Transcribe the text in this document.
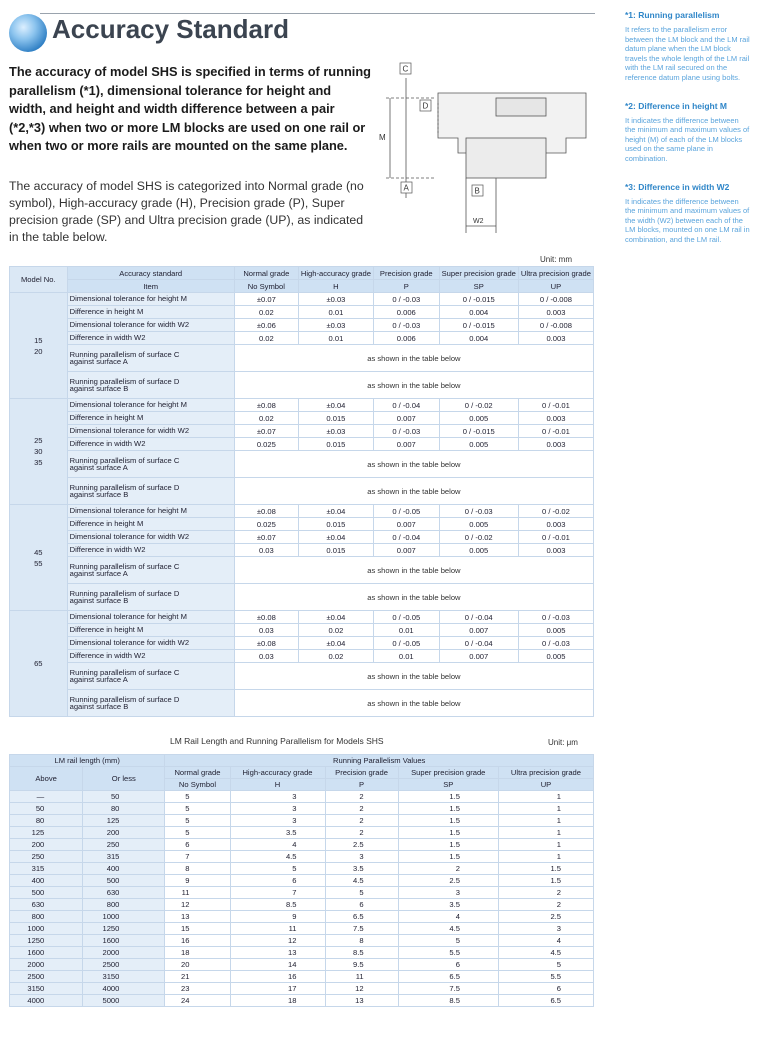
Accuracy Standard

The accuracy of model SHS is specified in terms of running parallelism (*1), dimensional tolerance for height and width, and height and width difference between a pair (*2,*3) when two or more LM blocks are used on one rail or when two or more rails are mounted on the same plane.

The accuracy of model SHS is categorized into Normal grade (no symbol), High-accuracy grade (H), Precision grade (P), Super precision grade (SP) and Ultra precision grade (UP), as indicated in the table below.

C
D
M
A	B
W2
*1: Running parallelism
It refers to the parallelism error between the LM block and the LM rail datum plane when the LM block travels the whole length of the LM rail with the LM rail secured on the reference datum plane using bolts.
*2: Difference in height M
It indicates the difference between the minimum and maximum values of height (M) of each of the LM blocks used on the same plane in combination.
*3: Difference in width W2
It indicates the difference between the minimum and maximum values of the width (W2) between each of the LM blocks, mounted on one LM rail in combination, and the LM rail.
Unit: mm
Model No.	Accuracy standard	Normal grade	High-accuracy grade	Precision grade	Super precision grade	Ultra precision grade
	Item	No Symbol	H	P	SP	UP
15
20	Dimensional tolerance for height M	±0.07	±0.03	0 / -0.03	0 / -0.015	0 / -0.008
	Difference in height M	0.02	0.01	0.006	0.004	0.003
	Dimensional tolerance for width W2	±0.06	±0.03	0 / -0.03	0 / -0.015	0 / -0.008
	Difference in width W2	0.02	0.01	0.006	0.004	0.003

	Running parallelism of surface C
against surface A	as shown in the table below				

	Running parallelism of surface D
against surface B	as shown in the table below				
25
30
35	Dimensional tolerance for height M	±0.08	±0.04	0 / -0.04	0 / -0.02	0 / -0.01
	Difference in height M	0.02	0.015	0.007	0.005	0.003
	Dimensional tolerance for width W2	±0.07	±0.03	0 / -0.03	0 / -0.015	0 / -0.01
	Difference in width W2	0.025	0.015	0.007	0.005	0.003

	Running parallelism of surface C
against surface A	as shown in the table below				

	Running parallelism of surface D
against surface B	as shown in the table below				
45
55	Dimensional tolerance for height M	±0.08	±0.04	0 / -0.05	0 / -0.03	0 / -0.02
	Difference in height M	0.025	0.015	0.007	0.005	0.003
	Dimensional tolerance for width W2	±0.07	±0.04	0 / -0.04	0 / -0.02	0 / -0.01
	Difference in width W2	0.03	0.015	0.007	0.005	0.003

	Running parallelism of surface C
against surface A	as shown in the table below				

	Running parallelism of surface D
against surface B	as shown in the table below				
65	Dimensional tolerance for height M	±0.08	±0.04	0 / -0.05	0 / -0.04	0 / -0.03
	Difference in height M	0.03	0.02	0.01	0.007	0.005
	Dimensional tolerance for width W2	±0.08	±0.04	0 / -0.05	0 / -0.04	0 / -0.03
	Difference in width W2	0.03	0.02	0.01	0.007	0.005

	Running parallelism of surface C
against surface A	as shown in the table below				

	Running parallelism of surface D
against surface B	as shown in the table below				
LM Rail Length and Running Parallelism for Models SHS	Unit: μm
LM rail length (mm)		Running Parallelism Values				
Above	Or less	Normal grade	High-accuracy grade	Precision grade	Super precision grade	Ultra precision grade
		No Symbol	H	P	SP	UP
—	50	5	3	2	1.5	1
50	80	5	3	2	1.5	1
80	125	5	3	2	1.5	1
125	200	5	3.5	2	1.5	1
200	250	6	4	2.5	1.5	1
250	315	7	4.5	3	1.5	1
315	400	8	5	3.5	2	1.5
400	500	9	6	4.5	2.5	1.5
500	630	11	7	5	3	2
630	800	12	8.5	6	3.5	2
800	1000	13	9	6.5	4	2.5
1000	1250	15	11	7.5	4.5	3
1250	1600	16	12	8	5	4
1600	2000	18	13	8.5	5.5	4.5
2000	2500	20	14	9.5	6	5
2500	3150	21	16	11	6.5	5.5
3150	4000	23	17	12	7.5	6
4000	5000	24	18	13	8.5	6.5
